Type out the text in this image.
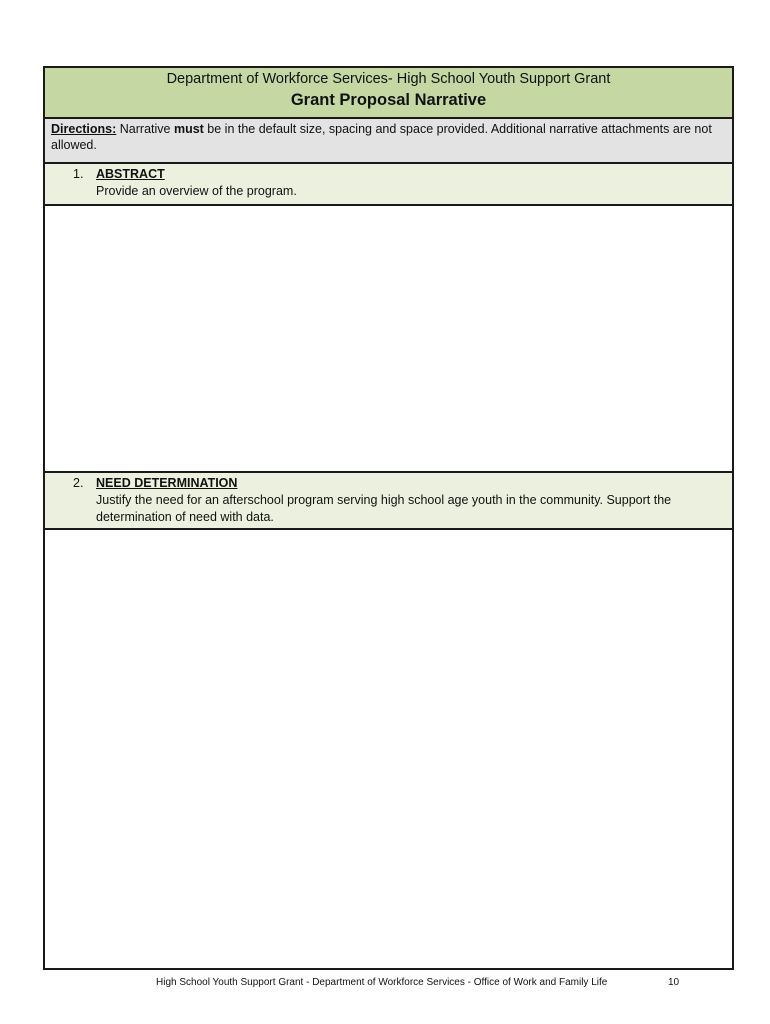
Department of Workforce Services- High School Youth Support Grant
Grant Proposal Narrative
Directions: Narrative must be in the default size, spacing and space provided. Additional narrative attachments are not allowed.
1. ABSTRACT
Provide an overview of the program.
2. NEED DETERMINATION
Justify the need for an afterschool program serving high school age youth in the community. Support the determination of need with data.
High School Youth Support Grant - Department of Workforce Services - Office of Work and Family Life	10
